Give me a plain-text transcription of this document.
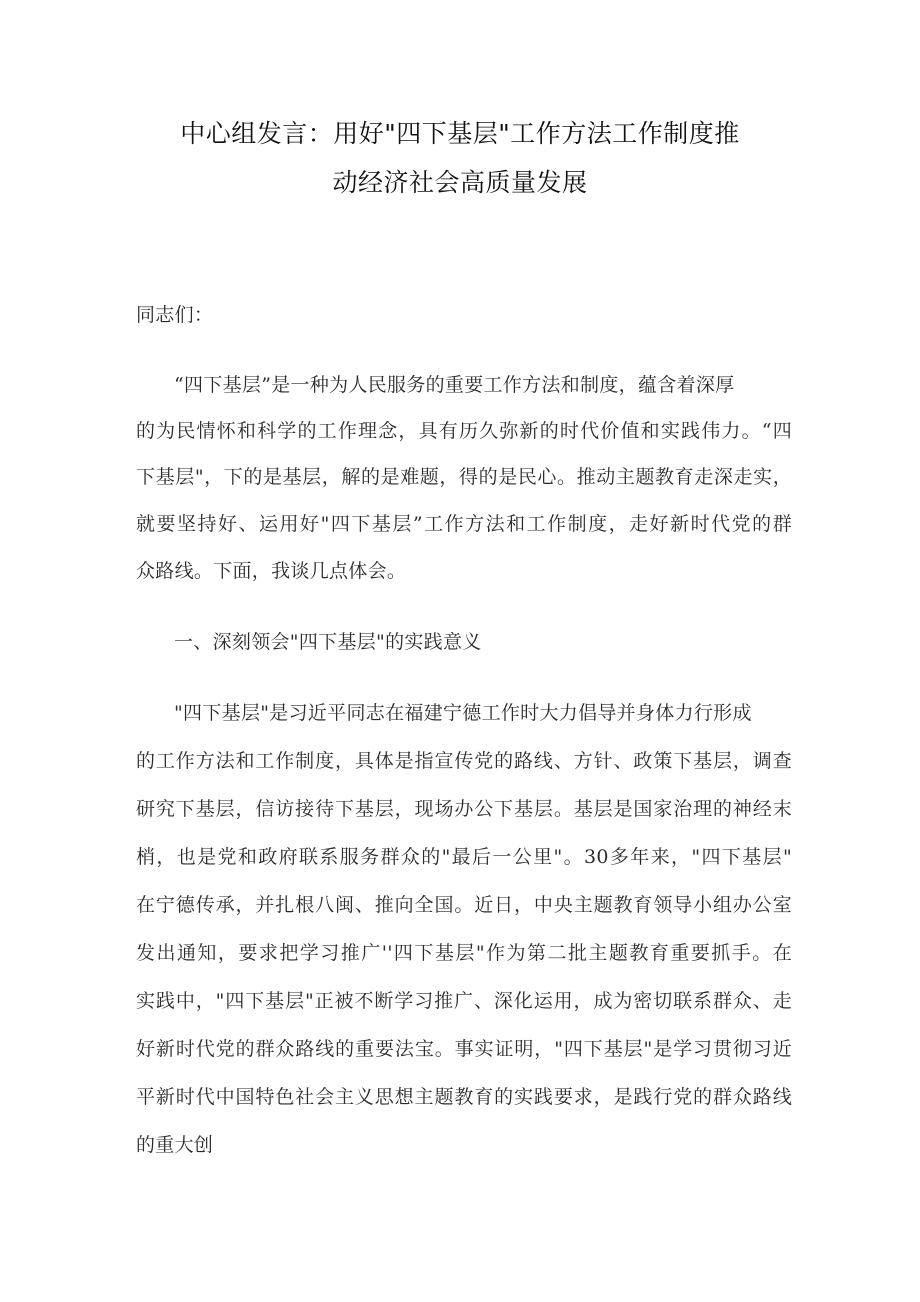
中心组发言：用好"四下基层"工作方法工作制度推
动经济社会高质量发展
同志们：
“四下基层”是一种为人民服务的重要工作方法和制度，蕴含着深厚
的为民情怀和科学的工作理念，具有历久弥新的时代价值和实践伟力。“四
下基层"，下的是基层，解的是难题，得的是民心。推动主题教育走深走实，
就要坚持好、运用好"四下基层”工作方法和工作制度，走好新时代党的群
众路线。下面，我谈几点体会。
一、深刻领会"四下基层"的实践意义
"四下基层"是习近平同志在福建宁德工作时大力倡导并身体力行形成
的工作方法和工作制度，具体是指宣传党的路线、方针、政策下基层，调查
研究下基层，信访接待下基层，现场办公下基层。基层是国家治理的神经末
梢，也是党和政府联系服务群众的"最后一公里"。30多年来，"四下基层"
在宁德传承，并扎根八闽、推向全国。近日，中央主题教育领导小组办公室
发出通知，要求把学习推广''四下基层"作为第二批主题教育重要抓手。在
实践中，"四下基层"正被不断学习推广、深化运用，成为密切联系群众、走
好新时代党的群众路线的重要法宝。事实证明，"四下基层"是学习贯彻习近
平新时代中国特色社会主义思想主题教育的实践要求，是践行党的群众路线
的重大创
